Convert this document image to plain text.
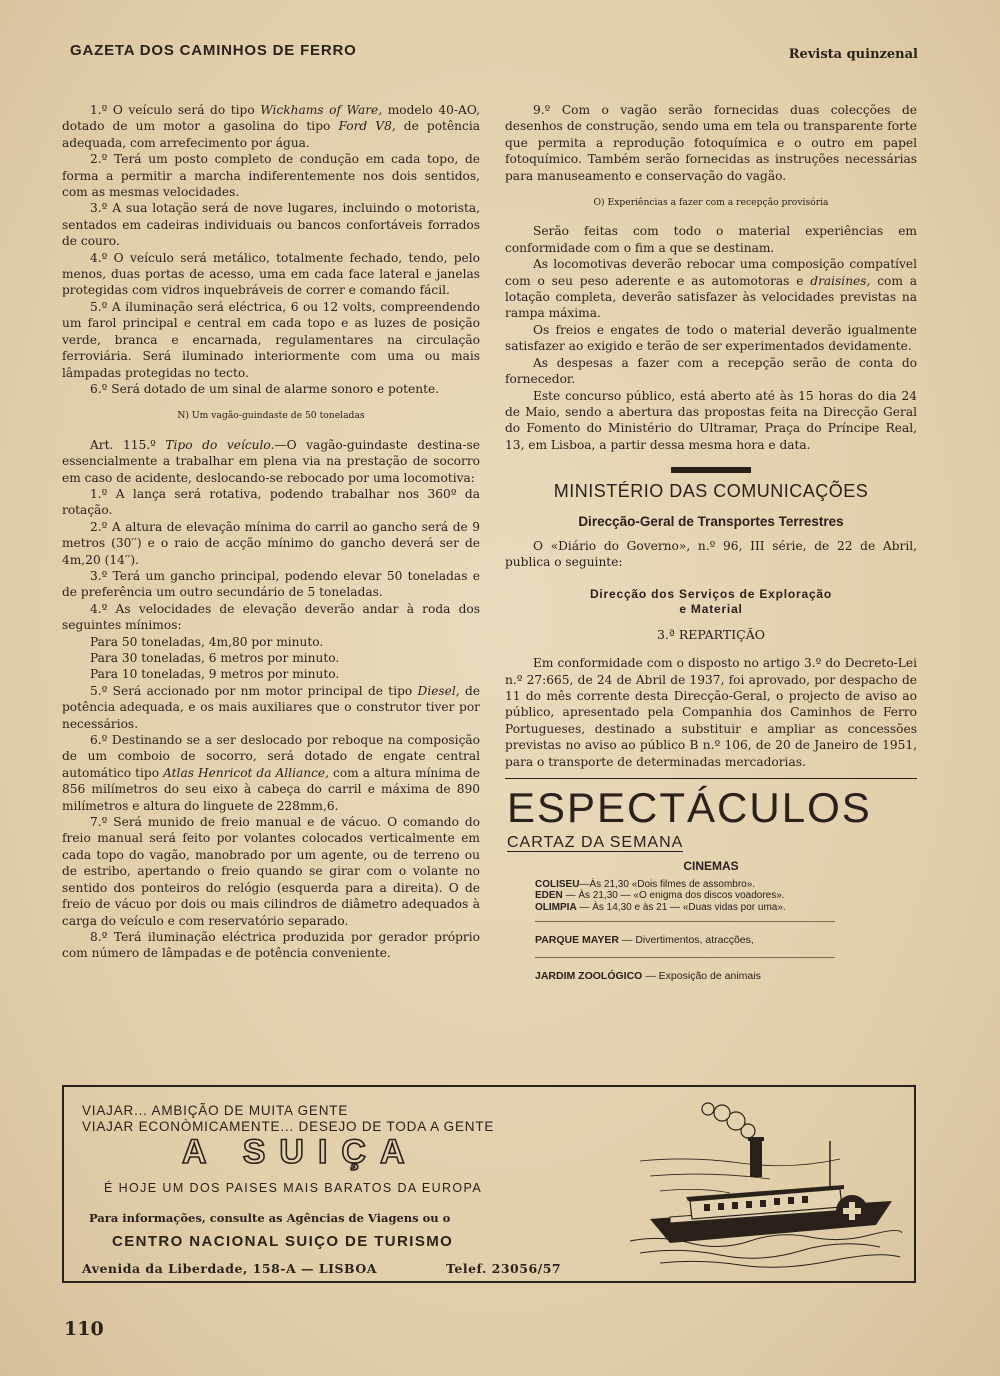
GAZETA DOS CAMINHOS DE FERRO	Revista quinzenal

1.º O veículo será do tipo Wickhams of Ware, modelo 40-AO, dotado de um motor a gasolina do tipo Ford V8, de potência adequada, com arrefecimento por água.

2.º Terá um posto completo de condução em cada topo, de forma a permitir a marcha indiferentemente nos dois sentidos, com as mesmas velocidades.

3.º A sua lotação será de nove lugares, incluindo o motorista, sentados em cadeiras individuais ou bancos confortáveis forrados de couro.

4.º O veículo será metálico, totalmente fechado, tendo, pelo menos, duas portas de acesso, uma em cada face lateral e janelas protegidas com vidros inquebráveis de correr e comando fácil.

5.º A iluminação será eléctrica, 6 ou 12 volts, compreendendo um farol principal e central em cada topo e as luzes de posição verde, branca e encarnada, regulamentares na circulação ferroviária. Será iluminado interiormente com uma ou mais lâmpadas protegidas no tecto.

6.º Será dotado de um sinal de alarme sonoro e potente.

N) Um vagão-guindaste de 50 toneladas

Art. 115.º Tipo do veículo.—O vagão-guindaste destina-se essencialmente a trabalhar em plena via na prestação de socorro em caso de acidente, deslocando-se rebocado por uma locomotiva:

1.º A lança será rotativa, podendo trabalhar nos 360º da rotação.

2.º A altura de elevação mínima do carril ao gancho será de 9 metros (30′′) e o raio de acção mínimo do gancho deverá ser de 4m,20 (14′′).

3.º Terá um gancho principal, podendo elevar 50 toneladas e de preferência um outro secundário de 5 toneladas.

4.º As velocidades de elevação deverão andar à roda dos seguintes mínimos:

Para 50 toneladas, 4m,80 por minuto.

Para 30 toneladas, 6 metros por minuto.

Para 10 toneladas, 9 metros por minuto.

5.º Será accionado por nm motor principal de tipo Diesel, de potência adequada, e os mais auxiliares que o construtor tiver por necessários.

6.º Destinando se a ser deslocado por reboque na composição de um comboio de socorro, será dotado de engate central automático tipo Atlas Henricot da Alliance, com a altura mínima de 856 milímetros do seu eixo à cabeça do carril e máxima de 890 milímetros e altura do linguete de 228mm,6.

7.º Será munido de freio manual e de vácuo. O comando do freio manual será feito por volantes colocados verticalmente em cada topo do vagão, manobrado por um agente, ou de terreno ou de estribo, apertando o freio quando se girar com o volante no sentido dos ponteiros do relógio (esquerda para a direita). O de freio de vácuo por dois ou mais cilindros de diâmetro adequados à carga do veículo e com reservatório separado.

8.º Terá iluminação eléctrica produzida por gerador próprio com número de lâmpadas e de potência conveniente.

9.º Com o vagão serão fornecidas duas colecções de desenhos de construção, sendo uma em tela ou transparente forte que permita a reprodução fotoquímica e o outro em papel fotoquímico. Também serão fornecidas as instruções necessárias para manuseamento e conservação do vagão.

O) Experiências a fazer com a recepção provisória

Serão feitas com todo o material experiências em conformidade com o fim a que se destinam.

As locomotivas deverão rebocar uma composição compatível com o seu peso aderente e as automotoras e draisines, com a lotação completa, deverão satisfazer às velocidades previstas na rampa máxima.

Os freios e engates de todo o material deverão igualmente satisfazer ao exigido e terão de ser experimentados devidamente.

As despesas a fazer com a recepção serão de conta do fornecedor.

Este concurso público, está aberto até às 15 horas do dia 24 de Maio, sendo a abertura das propostas feita na Direcção Geral do Fomento do Ministério do Ultramar, Praça do Príncipe Real, 13, em Lisboa, a partir dessa mesma hora e data.

MINISTÉRIO DAS COMUNICAÇÕES
Direcção-Geral de Transportes Terrestres

O «Diário do Governo», n.º 96, III série, de 22 de Abril, publica o seguinte:

Direcção dos Serviços de Exploração
e Material
3.ª REPARTIÇÃO

Em conformidade com o disposto no artigo 3.º do Decreto-Lei n.º 27:665, de 24 de Abril de 1937, foi aprovado, por despacho de 11 do mês corrente desta Direcção-Geral, o projecto de aviso ao público, apresentado pela Companhia dos Caminhos de Ferro Portugueses, destinado a substituir e ampliar as concessões previstas no aviso ao público B n.º 106, de 20 de Janeiro de 1951, para o transporte de determinadas mercadorias.

ESPECTÁCULOS
CARTAZ DA SEMANA
CINEMAS
COLISEU—Às 21,30 «Dois filmes de assombro».
EDEN — Às 21,30 — «O enigma dos discos voadores».
OLIMPIA — Às 14,30 e às 21 — «Duas vidas por uma».
PARQUE MAYER — Divertimentos, atracções,
JARDIM ZOOLÓGICO — Exposição de animais
VIAJAR... AMBIÇÃO DE MUITA GENTE
VIAJAR ECONÒMICAMENTE... DESEJO DE TODA A GENTE
A SUIÇA
É HOJE UM DOS PAISES MAIS BARATOS DA EUROPA
Para informações, consulte as Agências de Viagens ou o
CENTRO NACIONAL SUIÇO DE TURISMO
Avenida da Liberdade, 158-A — LISBOA	Telef. 23056/57
110
